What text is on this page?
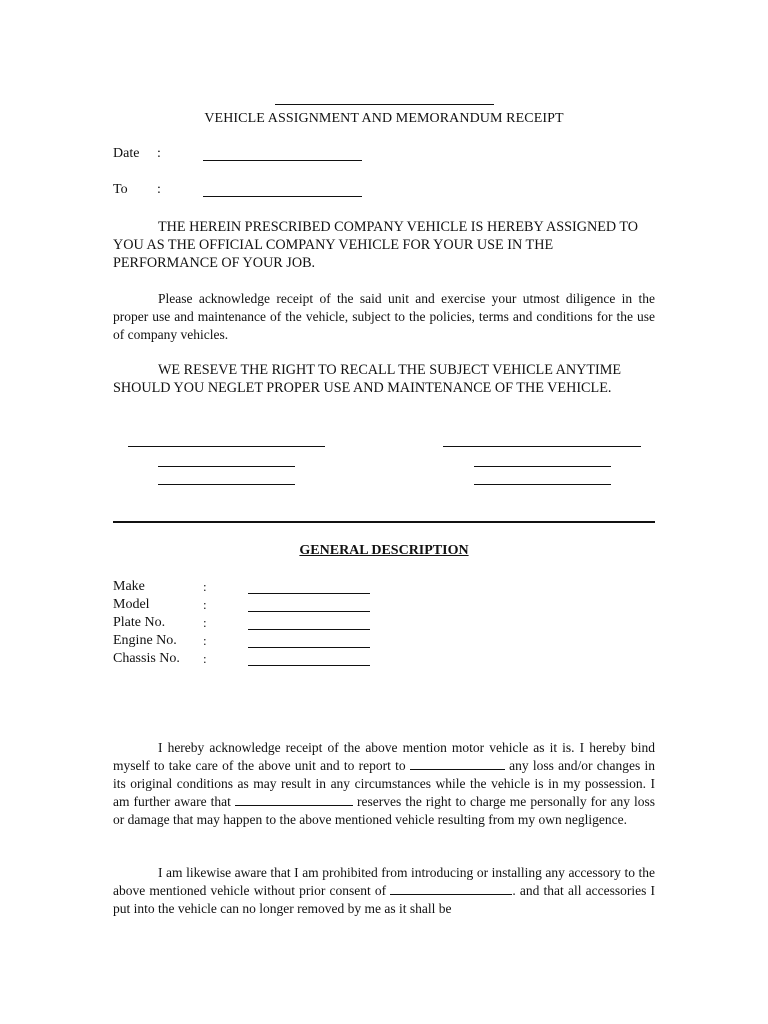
VEHICLE ASSIGNMENT AND MEMORANDUM RECEIPT
Date :
To :
THE HEREIN PRESCRIBED COMPANY VEHICLE IS HEREBY ASSIGNED TO YOU AS THE OFFICIAL COMPANY VEHICLE FOR YOUR USE IN THE PERFORMANCE OF YOUR JOB.
Please acknowledge receipt of the said unit and exercise your utmost diligence in the proper use and maintenance of the vehicle, subject to the policies, terms and conditions for the use of company vehicles.
WE RESEVE THE RIGHT TO RECALL THE SUBJECT VEHICLE ANYTIME SHOULD YOU NEGLET PROPER USE AND MAINTENANCE OF THE VEHICLE.
GENERAL DESCRIPTION
Make	:
Model	:
Plate No.	:
Engine No. :
Chassis No. :
I hereby acknowledge receipt of the above mention motor vehicle as it is. I hereby bind myself to take care of the above unit and to report to	any loss and/or changes in its original conditions as may result in any circumstances while the vehicle is in my possession. I am further aware that	reserves the right to charge me personally for any loss or damage that may happen to the above mentioned vehicle resulting from my own negligence.
I am likewise aware that I am prohibited from introducing or installing any accessory to the above mentioned vehicle without prior consent of	. and that all accessories I put into the vehicle can no longer removed by me as it shall be
